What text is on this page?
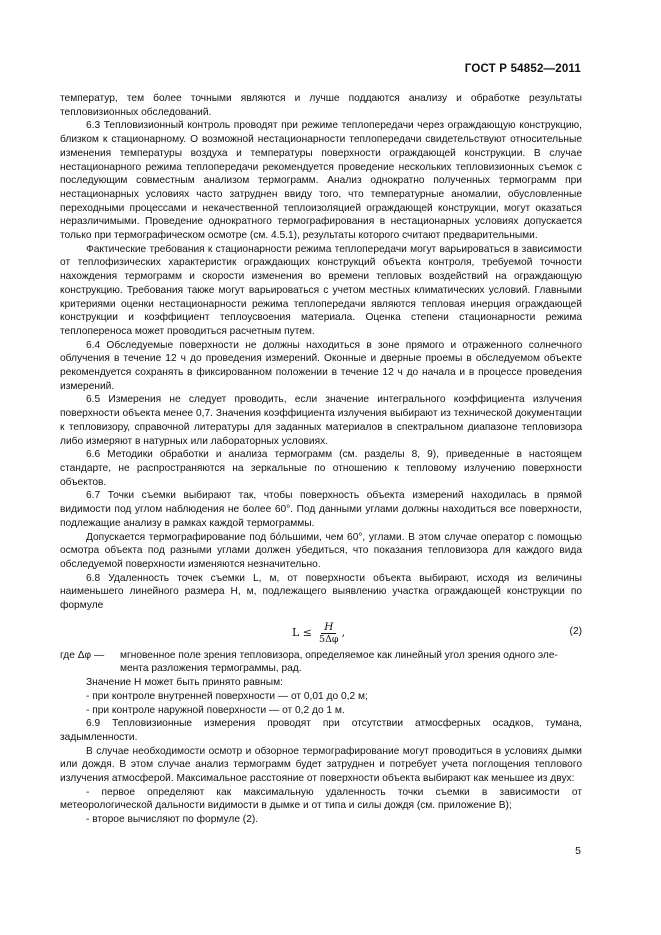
ГОСТ Р 54852—2011

температур, тем более точными являются и лучше поддаются анализу и обработке результаты тепловизионных обследований.

6.3 Тепловизионный контроль проводят при режиме теплопередачи через ограждающую конструкцию, близком к стационарному. О возможной нестационарности теплопередачи свидетельствуют относительные изменения температуры воздуха и температуры поверхности ограждающей конструкции. В случае нестационарного режима теплопередачи рекомендуется проведение нескольких тепловизионных съемок с последующим совместным анализом термограмм. Анализ однократно полученных термограмм при нестационарных условиях часто затруднен ввиду того, что температурные аномалии, обусловленные переходными процессами и некачественной теплоизоляцией ограждающей конструкции, могут оказаться неразличимыми. Проведение однократного термографирования в нестационарных условиях допускается только при термографическом осмотре (см. 4.5.1), результаты которого считают предварительными.

Фактические требования к стационарности режима теплопередачи могут варьироваться в зависимости от теплофизических характеристик ограждающих конструкций объекта контроля, требуемой точности нахождения термограмм и скорости изменения во времени тепловых воздействий на ограждающую конструкцию. Требования также могут варьироваться с учетом местных климатических условий. Главными критериями оценки нестационарности режима теплопередачи являются тепловая инерция ограждающей конструкции и коэффициент теплоусвоения материала. Оценка степени стационарности режима теплопереноса может проводиться расчетным путем.

6.4 Обследуемые поверхности не должны находиться в зоне прямого и отраженного солнечного облучения в течение 12 ч до проведения измерений. Оконные и дверные проемы в обследуемом объекте рекомендуется сохранять в фиксированном положении в течение 12 ч до начала и в процессе проведения измерений.

6.5 Измерения не следует проводить, если значение интегрального коэффициента излучения поверхности объекта менее 0,7. Значения коэффициента излучения выбирают из технической документации к тепловизору, справочной литературы для заданных материалов в спектральном диапазоне тепловизора либо измеряют в натурных или лабораторных условиях.

6.6 Методики обработки и анализа термограмм (см. разделы 8, 9), приведенные в настоящем стандарте, не распространяются на зеркальные по отношению к тепловому излучению поверхности объектов.

6.7 Точки съемки выбирают так, чтобы поверхность объекта измерений находилась в прямой видимости под углом наблюдения не более 60°. Под данными углами должны находиться все поверхности, подлежащие анализу в рамках каждой термограммы.

Допускается термографирование под бо́льшими, чем 60°, углами. В этом случае оператор с помощью осмотра объекта под разными углами должен убедиться, что показания тепловизора для каждого вида обследуемой поверхности изменяются незначительно.

6.8 Удаленность точек съемки L, м, от поверхности объекта выбирают, исходя из величины наименьшего линейного размера H, м, подлежащего выявлению участка ограждающей конструкции по формуле

$L \le \frac{H}{5\Delta\varphi}$ ,	(2)
где Δφ —	мгновенное поле зрения тепловизора, определяемое как линейный угол зрения одного эле-

мента разложения термограммы, рад.

Значение H может быть принято равным:

- при контроле внутренней поверхности — от 0,01 до 0,2 м;

- при контроле наружной поверхности — от 0,2 до 1 м.

6.9 Тепловизионные измерения проводят при отсутствии атмосферных осадков, тумана, задымленности.

В случае необходимости осмотр и обзорное термографирование могут проводиться в условиях дымки или дождя. В этом случае анализ термограмм будет затруднен и потребует учета поглощения теплового излучения атмосферой. Максимальное расстояние от поверхности объекта выбирают как меньшее из двух:

- первое определяют как максимальную удаленность точки съемки в зависимости от метеорологической дальности видимости в дымке и от типа и силы дождя (см. приложение В);

- второе вычисляют по формуле (2).

5
